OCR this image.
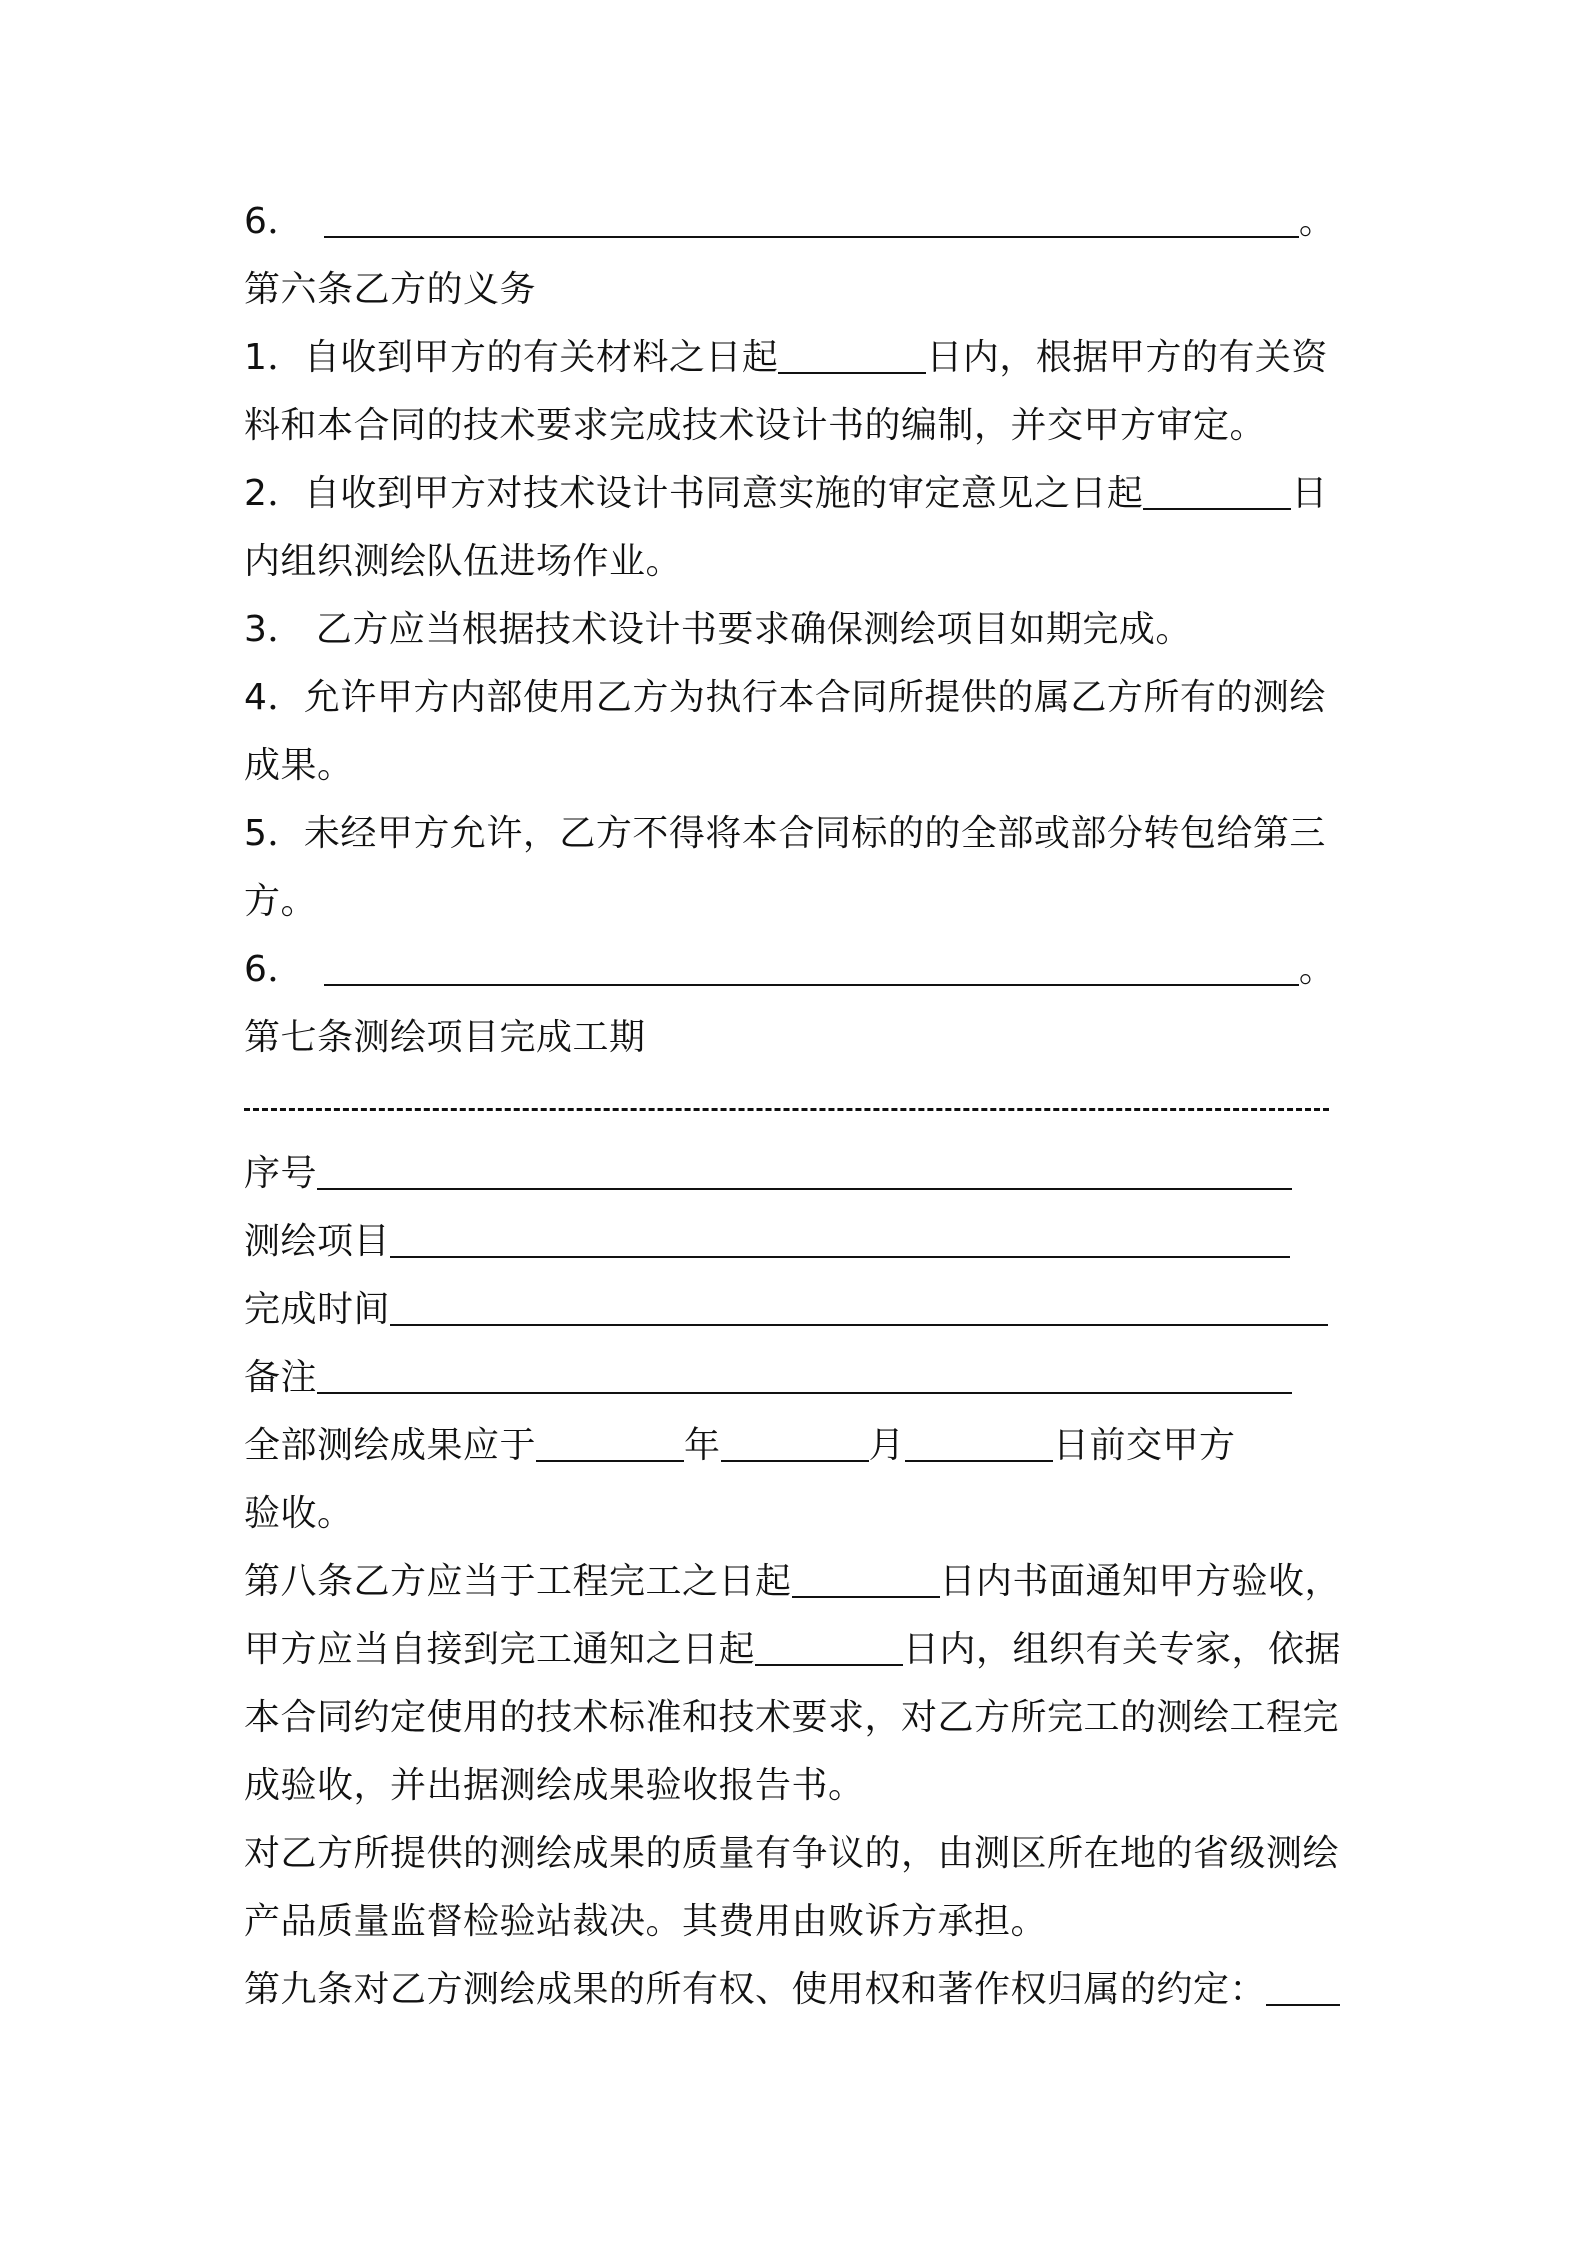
6．	。
第六条乙方的义务
1．自收到甲方的有关材料之日起	日内，根据甲方的有关资
料和本合同的技术要求完成技术设计书的编制，并交甲方审定。
2．自收到甲方对技术设计书同意实施的审定意见之日起	日
内组织测绘队伍进场作业。
3． 乙方应当根据技术设计书要求确保测绘项目如期完成。
4．允许甲方内部使用乙方为执行本合同所提供的属乙方所有的测绘
成果。
5．未经甲方允许，乙方不得将本合同标的的全部或部分转包给第三
方。
6．	。
第七条测绘项目完成工期
序号
测绘项目
完成时间
备注
全部测绘成果应于	年	月	日前交甲方
验收。
第八条乙方应当于工程完工之日起	日内书面通知甲方验收，
甲方应当自接到完工通知之日起	日内，组织有关专家，依据
本合同约定使用的技术标准和技术要求，对乙方所完工的测绘工程完
成验收，并出据测绘成果验收报告书。
对乙方所提供的测绘成果的质量有争议的，由测区所在地的省级测绘
产品质量监督检验站裁决。其费用由败诉方承担。
第九条对乙方测绘成果的所有权、使用权和著作权归属的约定：
